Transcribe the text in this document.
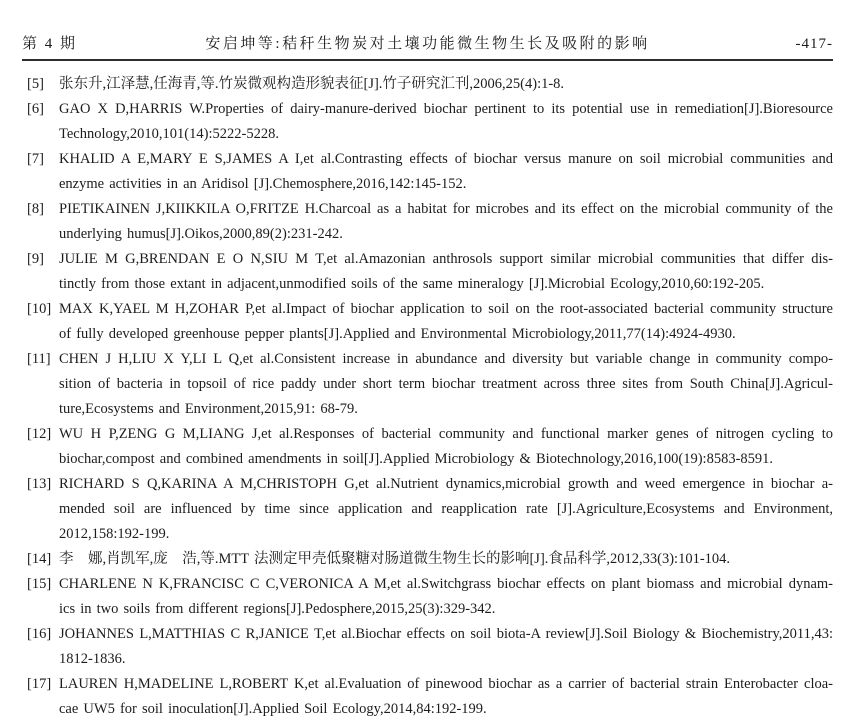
第 4 期	安启坤等:秸秆生物炭对土壤功能微生物生长及吸附的影响	-417-
[5] 张东升,江泽慧,任海青,等.竹炭微观构造形貌表征[J].竹子研究汇刊,2006,25(4):1-8.
[6] GAO X D,HARRIS W.Properties of dairy-manure-derived biochar pertinent to its potential use in remediation[J].Bioresource
Technology,2010,101(14):5222-5228.
[7] KHALID A E,MARY E S,JAMES A I,et al.Contrasting effects of biochar versus manure on soil microbial communities and
enzyme activities in an Aridisol [J].Chemosphere,2016,142:145-152.
[8] PIETIKAINEN J,KIIKKILA O,FRITZE H.Charcoal as a habitat for microbes and its effect on the microbial community of the
underlying humus[J].Oikos,2000,89(2):231-242.
[9] JULIE M G,BRENDAN E O N,SIU M T,et al.Amazonian anthrosols support similar microbial communities that differ dis-
tinctly from those extant in adjacent,unmodified soils of the same mineralogy [J].Microbial Ecology,2010,60:192-205.
[10] MAX K,YAEL M H,ZOHAR P,et al.Impact of biochar application to soil on the root-associated bacterial community structure
of fully developed greenhouse pepper plants[J].Applied and Environmental Microbiology,2011,77(14):4924-4930.
[11] CHEN J H,LIU X Y,LI L Q,et al.Consistent increase in abundance and diversity but variable change in community compo-
sition of bacteria in topsoil of rice paddy under short term biochar treatment across three sites from South China[J].Agricul-
ture,Ecosystems and Environment,2015,91: 68-79.
[12] WU H P,ZENG G M,LIANG J,et al.Responses of bacterial community and functional marker genes of nitrogen cycling to
biochar,compost and combined amendments in soil[J].Applied Microbiology & Biotechnology,2016,100(19):8583-8591.
[13] RICHARD S Q,KARINA A M,CHRISTOPH G,et al.Nutrient dynamics,microbial growth and weed emergence in biochar a-
mended soil are influenced by time since application and reapplication rate [J].Agriculture,Ecosystems and Environment,
2012,158:192-199.
[14] 李　娜,肖凯军,庞　浩,等.MTT 法测定甲壳低聚糖对肠道微生物生长的影响[J].食品科学,2012,33(3):101-104.
[15] CHARLENE N K,FRANCISC C C,VERONICA A M,et al.Switchgrass biochar effects on plant biomass and microbial dynam-
ics in two soils from different regions[J].Pedosphere,2015,25(3):329-342.
[16] JOHANNES L,MATTHIAS C R,JANICE T,et al.Biochar effects on soil biota-A review[J].Soil Biology & Biochemistry,2011,43:
1812-1836.
[17] LAUREN H,MADELINE L,ROBERT K,et al.Evaluation of pinewood biochar as a carrier of bacterial strain Enterobacter cloa-
cae UW5 for soil inoculation[J].Applied Soil Ecology,2014,84:192-199.
